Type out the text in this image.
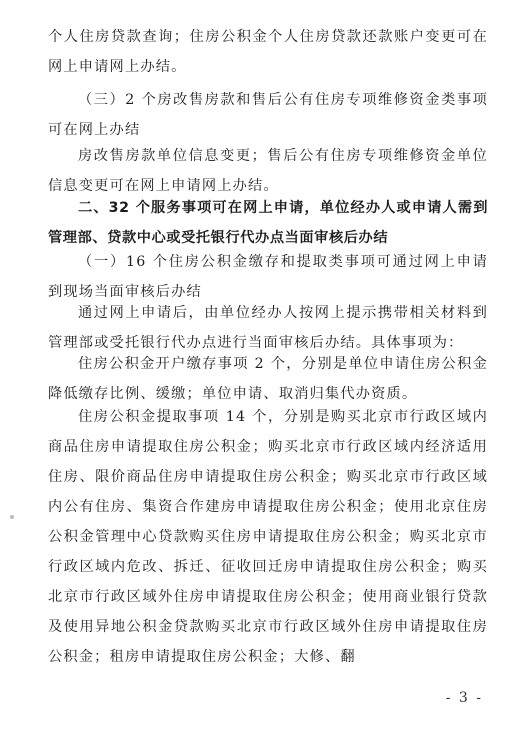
个人住房贷款查询；住房公积金个人住房贷款还款账户变更可在网上申请网上办结。

（三）2 个房改售房款和售后公有住房专项维修资金类事项可在网上办结

房改售房款单位信息变更；售后公有住房专项维修资金单位信息变更可在网上申请网上办结。

二、32 个服务事项可在网上申请，单位经办人或申请人需到管理部、贷款中心或受托银行代办点当面审核后办结

（一）16 个住房公积金缴存和提取类事项可通过网上申请到现场当面审核后办结

通过网上申请后，由单位经办人按网上提示携带相关材料到管理部或受托银行代办点进行当面审核后办结。具体事项为：

住房公积金开户缴存事项 2 个，分别是单位申请住房公积金降低缴存比例、缓缴；单位申请、取消归集代办资质。

住房公积金提取事项 14 个，分别是购买北京市行政区域内商品住房申请提取住房公积金；购买北京市行政区域内经济适用住房、限价商品住房申请提取住房公积金；购买北京市行政区域内公有住房、集资合作建房申请提取住房公积金；使用北京住房公积金管理中心贷款购买住房申请提取住房公积金；购买北京市行政区域内危改、拆迁、征收回迁房申请提取住房公积金；购买北京市行政区域外住房申请提取住房公积金；使用商业银行贷款及使用异地公积金贷款购买北京市行政区域外住房申请提取住房公积金；租房申请提取住房公积金；大修、翻

- 3 -
